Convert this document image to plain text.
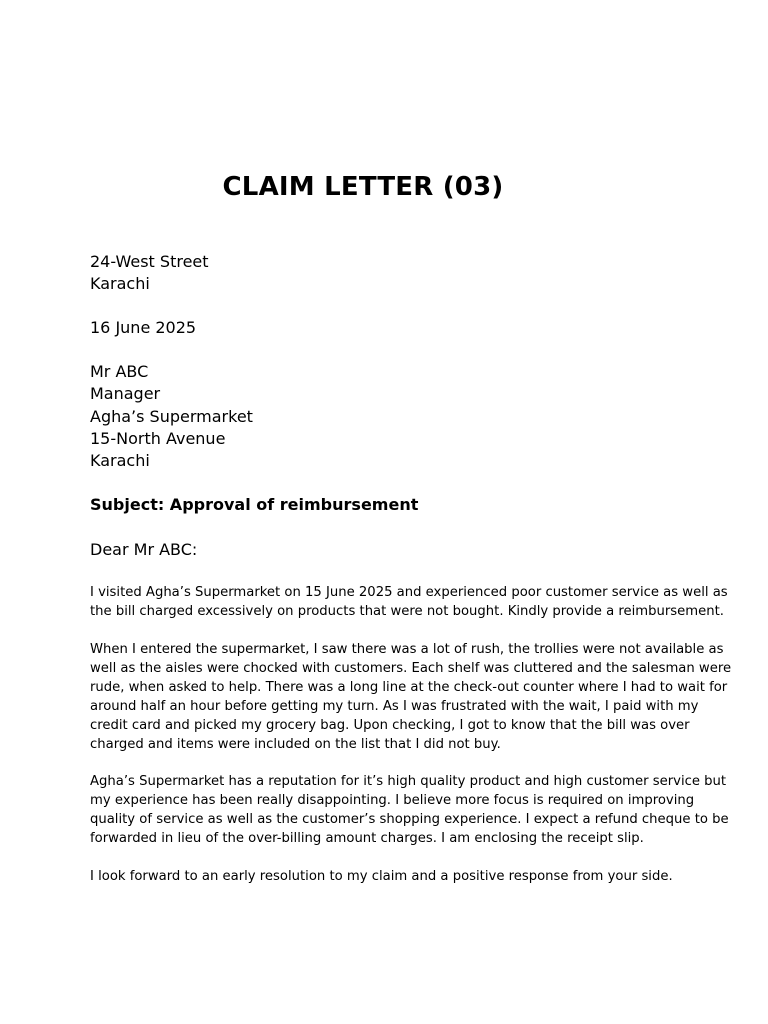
CLAIM LETTER (03)
24-West Street
Karachi
16 June 2025
Mr ABC
Manager
Agha’s Supermarket
15-North Avenue
Karachi
Subject: Approval of reimbursement
Dear Mr ABC:
I visited Agha’s Supermarket on 15 June 2025 and experienced poor customer service as well as
the bill charged excessively on products that were not bought. Kindly provide a reimbursement.
When I entered the supermarket, I saw there was a lot of rush, the trollies were not available as
well as the aisles were chocked with customers. Each shelf was cluttered and the salesman were
rude, when asked to help. There was a long line at the check-out counter where I had to wait for
around half an hour before getting my turn. As I was frustrated with the wait, I paid with my
credit card and picked my grocery bag. Upon checking, I got to know that the bill was over
charged and items were included on the list that I did not buy.
Agha’s Supermarket has a reputation for it’s high quality product and high customer service but
my experience has been really disappointing. I believe more focus is required on improving
quality of service as well as the customer’s shopping experience. I expect a refund cheque to be
forwarded in lieu of the over-billing amount charges. I am enclosing the receipt slip.
I look forward to an early resolution to my claim and a positive response from your side.
